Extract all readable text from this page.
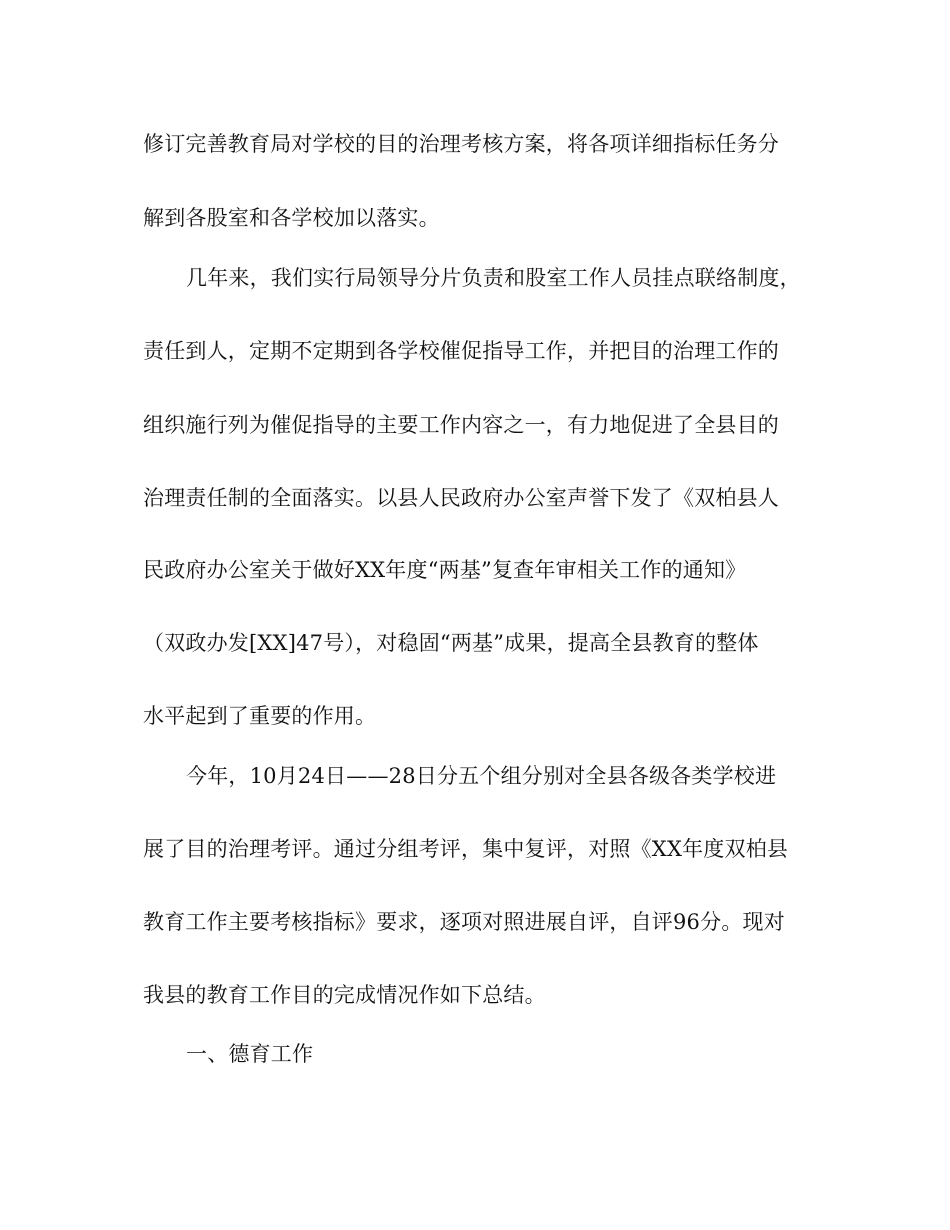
修订完善教育局对学校的目的治理考核方案，将各项详细指标任务分
解到各股室和各学校加以落实。
几年来，我们实行局领导分片负责和股室工作人员挂点联络制度，
责任到人，定期不定期到各学校催促指导工作，并把目的治理工作的
组织施行列为催促指导的主要工作内容之一，有力地促进了全县目的
治理责任制的全面落实。以县人民政府办公室声誉下发了《双柏县人
民政府办公室关于做好XX年度“两基”复查年审相关工作的通知》
（双政办发[XX]47号），对稳固“两基”成果，提高全县教育的整体
水平起到了重要的作用。
今年，10月24日——28日分五个组分别对全县各级各类学校进
展了目的治理考评。通过分组考评，集中复评，对照《XX年度双柏县
教育工作主要考核指标》要求，逐项对照进展自评，自评96分。现对
我县的教育工作目的完成情况作如下总结。
一、德育工作
